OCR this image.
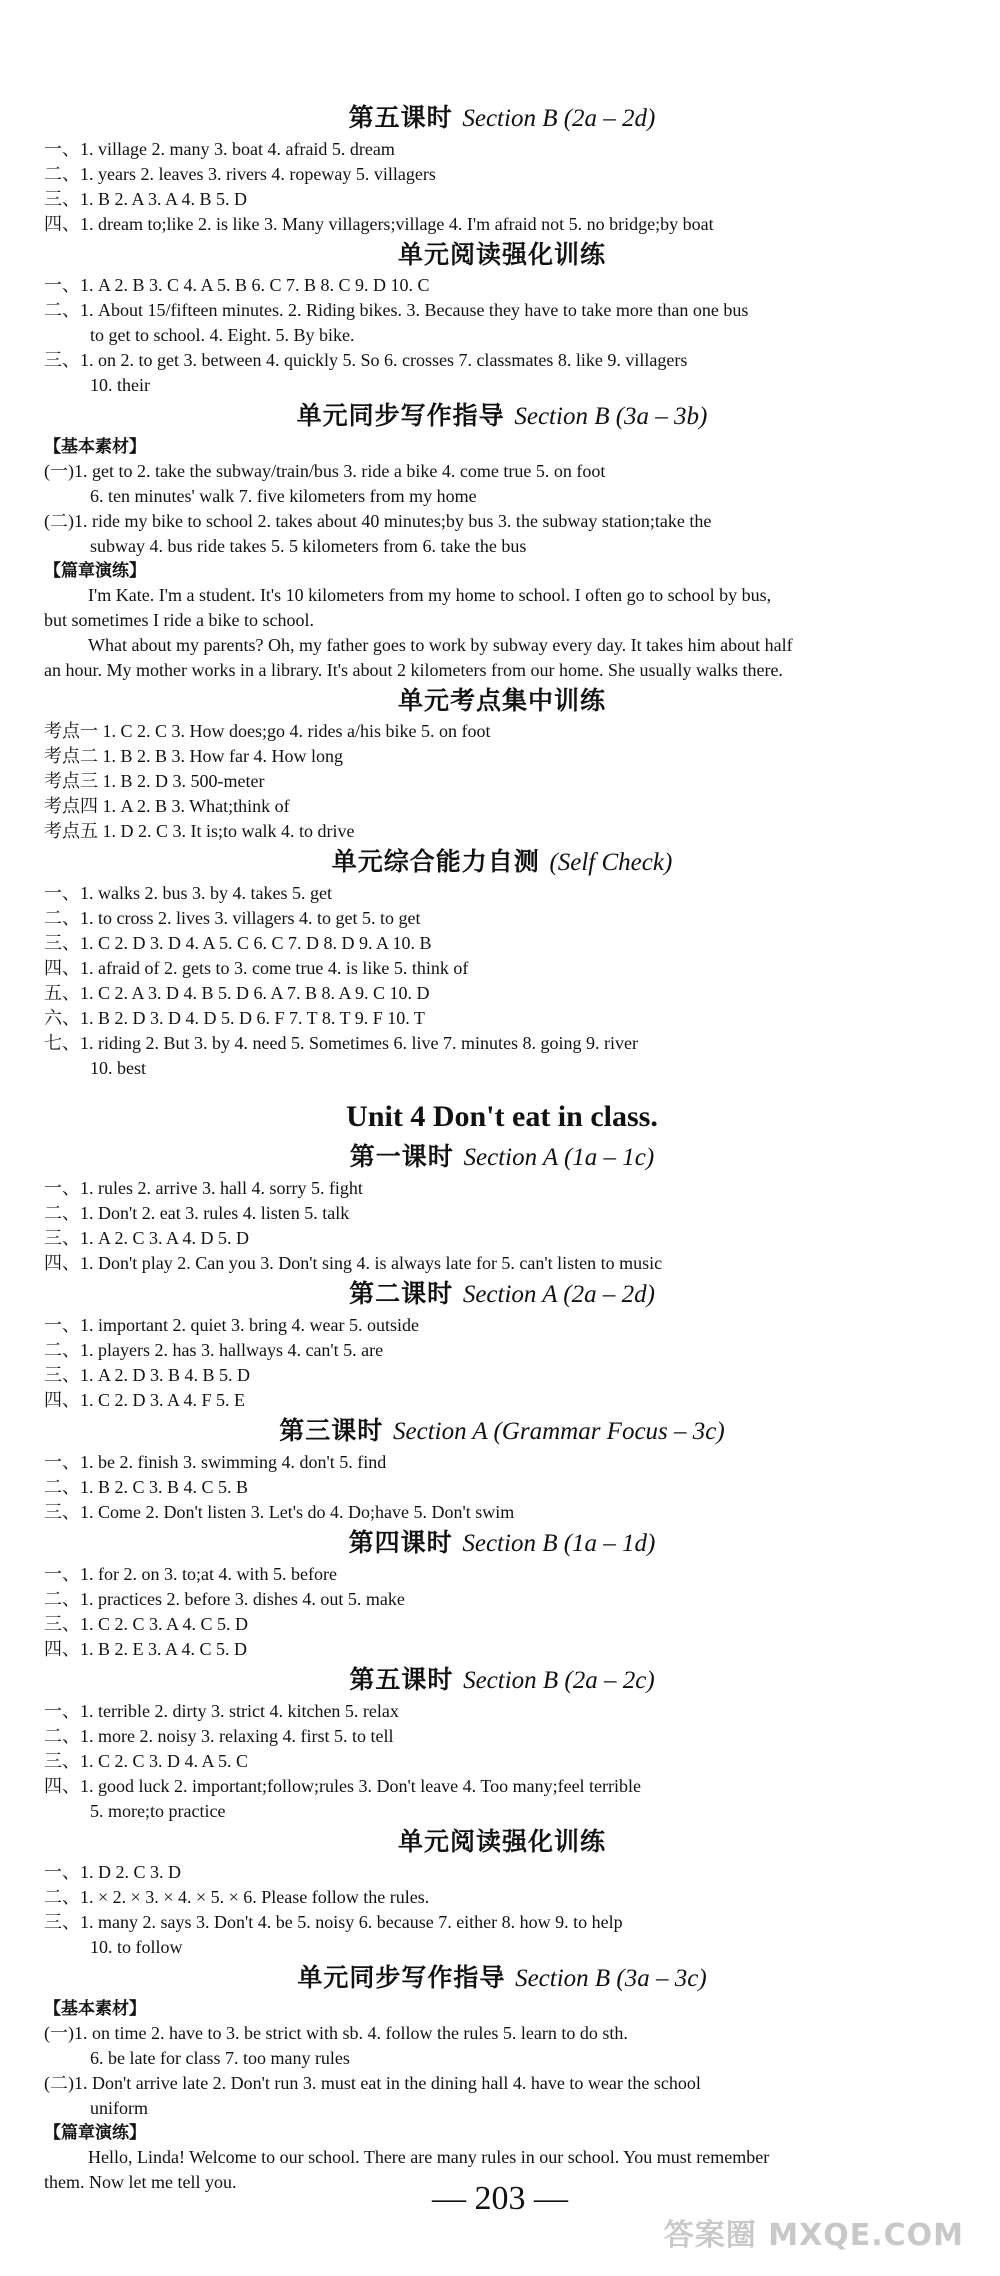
第五课时 Section B (2a – 2d)
一、1. village 2. many 3. boat 4. afraid 5. dream
二、1. years 2. leaves 3. rivers 4. ropeway 5. villagers
三、1. B 2. A 3. A 4. B 5. D
四、1. dream to;like 2. is like 3. Many villagers;village 4. I'm afraid not 5. no bridge;by boat
单元阅读强化训练
一、1. A 2. B 3. C 4. A 5. B 6. C 7. B 8. C 9. D 10. C
二、1. About 15/fifteen minutes. 2. Riding bikes. 3. Because they have to take more than one bus
to get to school. 4. Eight. 5. By bike.
三、1. on 2. to get 3. between 4. quickly 5. So 6. crosses 7. classmates 8. like 9. villagers
10. their
单元同步写作指导 Section B (3a – 3b)
【基本素材】
(一)1. get to 2. take the subway/train/bus 3. ride a bike 4. come true 5. on foot
6. ten minutes' walk 7. five kilometers from my home
(二)1. ride my bike to school 2. takes about 40 minutes;by bus 3. the subway station;take the
subway 4. bus ride takes 5. 5 kilometers from 6. take the bus
【篇章演练】
I'm Kate. I'm a student. It's 10 kilometers from my home to school. I often go to school by bus,
but sometimes I ride a bike to school.
What about my parents? Oh, my father goes to work by subway every day. It takes him about half
an hour. My mother works in a library. It's about 2 kilometers from our home. She usually walks there.
单元考点集中训练
考点一 1. C 2. C 3. How does;go 4. rides a/his bike 5. on foot
考点二 1. B 2. B 3. How far 4. How long
考点三 1. B 2. D 3. 500-meter
考点四 1. A 2. B 3. What;think of
考点五 1. D 2. C 3. It is;to walk 4. to drive
单元综合能力自测 (Self Check)
一、1. walks 2. bus 3. by 4. takes 5. get
二、1. to cross 2. lives 3. villagers 4. to get 5. to get
三、1. C 2. D 3. D 4. A 5. C 6. C 7. D 8. D 9. A 10. B
四、1. afraid of 2. gets to 3. come true 4. is like 5. think of
五、1. C 2. A 3. D 4. B 5. D 6. A 7. B 8. A 9. C 10. D
六、1. B 2. D 3. D 4. D 5. D 6. F 7. T 8. T 9. F 10. T
七、1. riding 2. But 3. by 4. need 5. Sometimes 6. live 7. minutes 8. going 9. river
10. best
Unit 4 Don't eat in class.
第一课时 Section A (1a – 1c)
一、1. rules 2. arrive 3. hall 4. sorry 5. fight
二、1. Don't 2. eat 3. rules 4. listen 5. talk
三、1. A 2. C 3. A 4. D 5. D
四、1. Don't play 2. Can you 3. Don't sing 4. is always late for 5. can't listen to music
第二课时 Section A (2a – 2d)
一、1. important 2. quiet 3. bring 4. wear 5. outside
二、1. players 2. has 3. hallways 4. can't 5. are
三、1. A 2. D 3. B 4. B 5. D
四、1. C 2. D 3. A 4. F 5. E
第三课时 Section A (Grammar Focus – 3c)
一、1. be 2. finish 3. swimming 4. don't 5. find
二、1. B 2. C 3. B 4. C 5. B
三、1. Come 2. Don't listen 3. Let's do 4. Do;have 5. Don't swim
第四课时 Section B (1a – 1d)
一、1. for 2. on 3. to;at 4. with 5. before
二、1. practices 2. before 3. dishes 4. out 5. make
三、1. C 2. C 3. A 4. C 5. D
四、1. B 2. E 3. A 4. C 5. D
第五课时 Section B (2a – 2c)
一、1. terrible 2. dirty 3. strict 4. kitchen 5. relax
二、1. more 2. noisy 3. relaxing 4. first 5. to tell
三、1. C 2. C 3. D 4. A 5. C
四、1. good luck 2. important;follow;rules 3. Don't leave 4. Too many;feel terrible
5. more;to practice
单元阅读强化训练
一、1. D 2. C 3. D
二、1. × 2. × 3. × 4. × 5. × 6. Please follow the rules.
三、1. many 2. says 3. Don't 4. be 5. noisy 6. because 7. either 8. how 9. to help
10. to follow
单元同步写作指导 Section B (3a – 3c)
【基本素材】
(一)1. on time 2. have to 3. be strict with sb. 4. follow the rules 5. learn to do sth.
6. be late for class 7. too many rules
(二)1. Don't arrive late 2. Don't run 3. must eat in the dining hall 4. have to wear the school
uniform
【篇章演练】
Hello, Linda! Welcome to our school. There are many rules in our school. You must remember
them. Now let me tell you.	— 203 —
答案圈 MXQE.COM
